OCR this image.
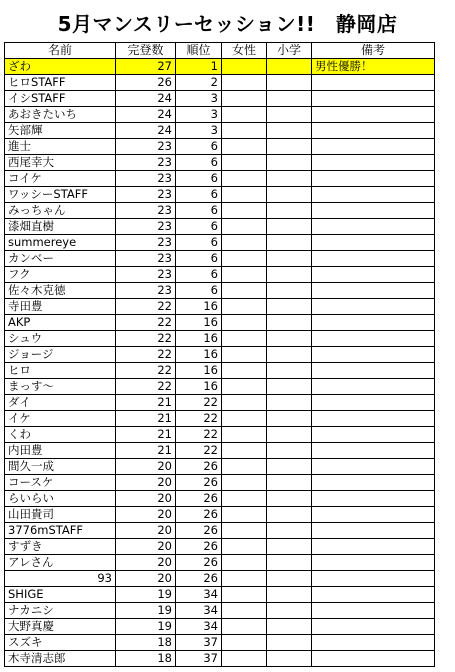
5月マンスリーセッション!!　静岡店
名前	完登数	順位	女性	小学	備考
ざわ	27	1			男性優勝！
ヒロSTAFF	26	2			
イシSTAFF	24	3			
あおきたいち	24	3			
矢部輝	24	3			
進士	23	6			
西尾幸大	23	6			
コイケ	23	6			
ワッシーSTAFF	23	6			
みっちゃん	23	6			
漆畑直樹	23	6			
summereye	23	6			
カンベー	23	6			
フク	23	6			
佐々木克徳	23	6			
寺田豊	22	16			
AKP	22	16			
シュウ	22	16			
ジョージ	22	16			
ヒロ	22	16			
まっす～	22	16			
ダイ	21	22			
イケ	21	22			
くわ	21	22			
内田豊	21	22			
間久一成	20	26			
コースケ	20	26			
らいらい	20	26			
山田貴司	20	26			
3776mSTAFF	20	26			
すずき	20	26			
アレさん	20	26			
93	20	26			
SHIGE	19	34			
ナカニシ	19	34			
大野真慶	19	34			
スズキ	18	37			
木寺清志郎	18	37			
